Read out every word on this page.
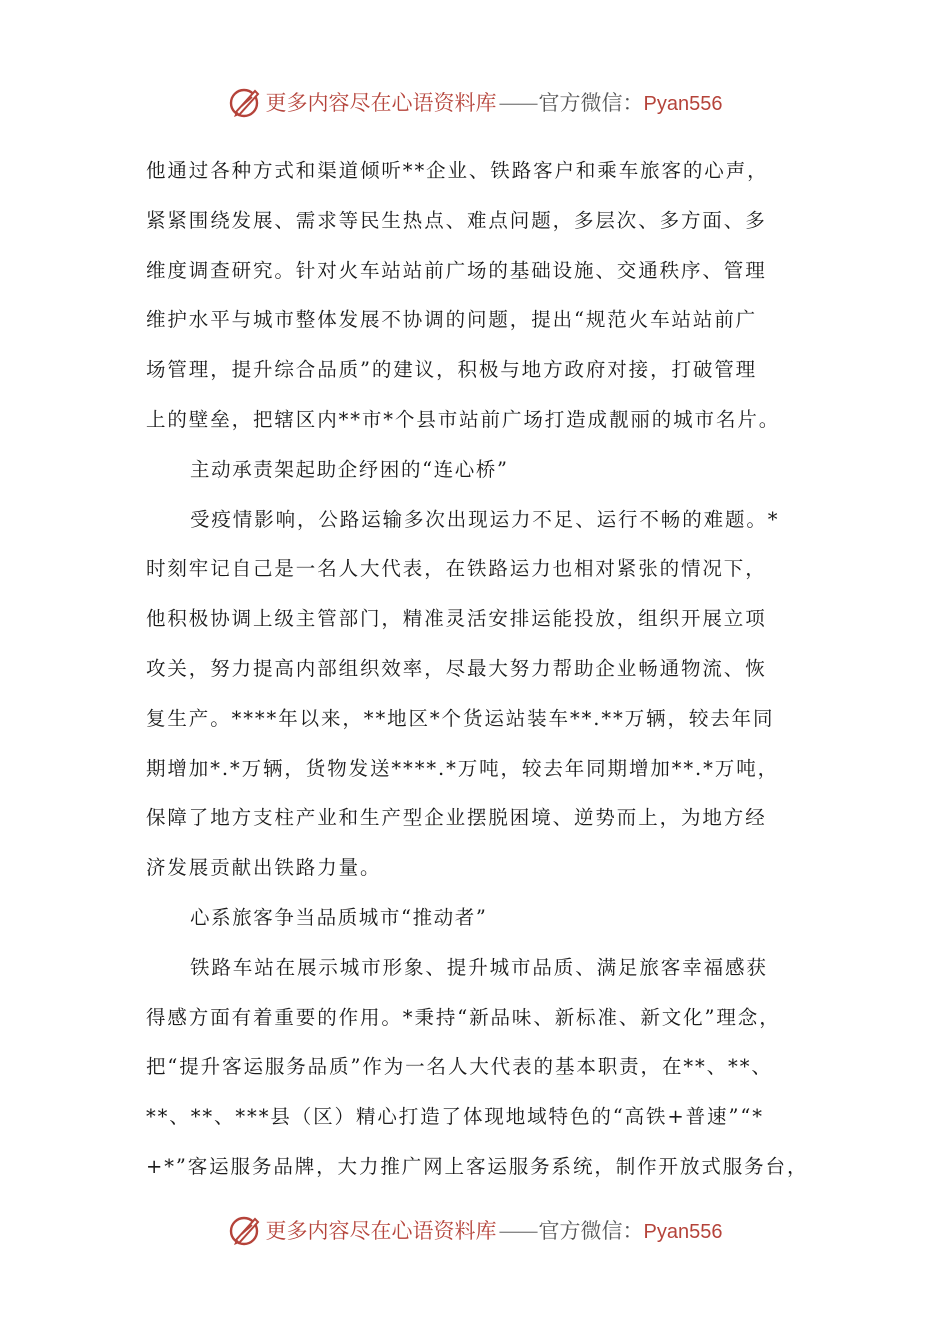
更多内容尽在心语资料库 —— 官方微信： Pyan556
他通过各种方式和渠道倾听**企业、铁路客户和乘车旅客的心声，
紧紧围绕发展、需求等民生热点、难点问题，多层次、多方面、多
维度调查研究。针对火车站站前广场的基础设施、交通秩序、管理
维护水平与城市整体发展不协调的问题，提出“规范火车站站前广
场管理，提升综合品质”的建议，积极与地方政府对接，打破管理
上的壁垒，把辖区内**市*个县市站前广场打造成靓丽的城市名片。
主动承责架起助企纾困的“连心桥”
受疫情影响，公路运输多次出现运力不足、运行不畅的难题。*
时刻牢记自己是一名人大代表，在铁路运力也相对紧张的情况下，
他积极协调上级主管部门，精准灵活安排运能投放，组织开展立项
攻关，努力提高内部组织效率，尽最大努力帮助企业畅通物流、恢
复生产。****年以来，**地区*个货运站装车**.**万辆，较去年同
期增加*.*万辆，货物发送****.*万吨，较去年同期增加**.*万吨，
保障了地方支柱产业和生产型企业摆脱困境、逆势而上，为地方经
济发展贡献出铁路力量。
心系旅客争当品质城市“推动者”
铁路车站在展示城市形象、提升城市品质、满足旅客幸福感获
得感方面有着重要的作用。*秉持“新品味、新标准、新文化”理念，
把“提升客运服务品质”作为一名人大代表的基本职责，在**、**、
**、**、***县（区）精心打造了体现地域特色的“高铁+普速”“*
+*”客运服务品牌，大力推广网上客运服务系统，制作开放式服务台，
更多内容尽在心语资料库 —— 官方微信： Pyan556
